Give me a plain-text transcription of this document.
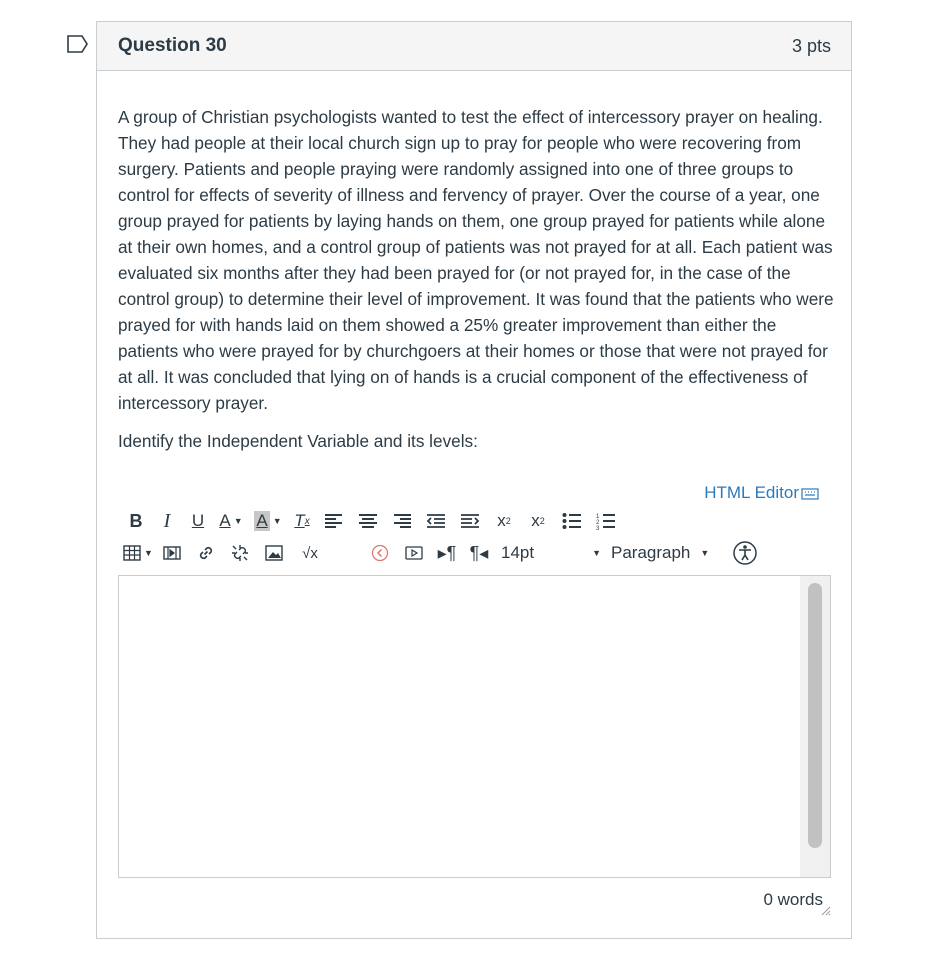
Question 30	3 pts

A group of Christian psychologists wanted to test the effect of intercessory prayer on healing. They had people at their local church sign up to pray for people who were recovering from surgery. Patients and people praying were randomly assigned into one of three groups to control for effects of severity of illness and fervency of prayer. Over the course of a year, one group prayed for patients by laying hands on them, one group prayed for patients while alone at their own homes, and a control group of patients was not prayed for at all. Each patient was evaluated six months after they had been prayed for (or not prayed for, in the case of the control group) to determine their level of improvement. It was found that the patients who were prayed for with hands laid on them showed a 25% greater improvement than either the patients who were prayed for by churchgoers at their homes or those that were not prayed for at all. It was concluded that lying on of hands is a crucial component of the effectiveness of intercessory prayer.

Identify the Independent Variable and its levels:

HTML Editor
B	I	U A ▼ A ▼ T x	x 2	x 2	1
2
3
▼	√x	▸¶ ¶◂ 14pt	▼ Paragraph ▼
0 words
